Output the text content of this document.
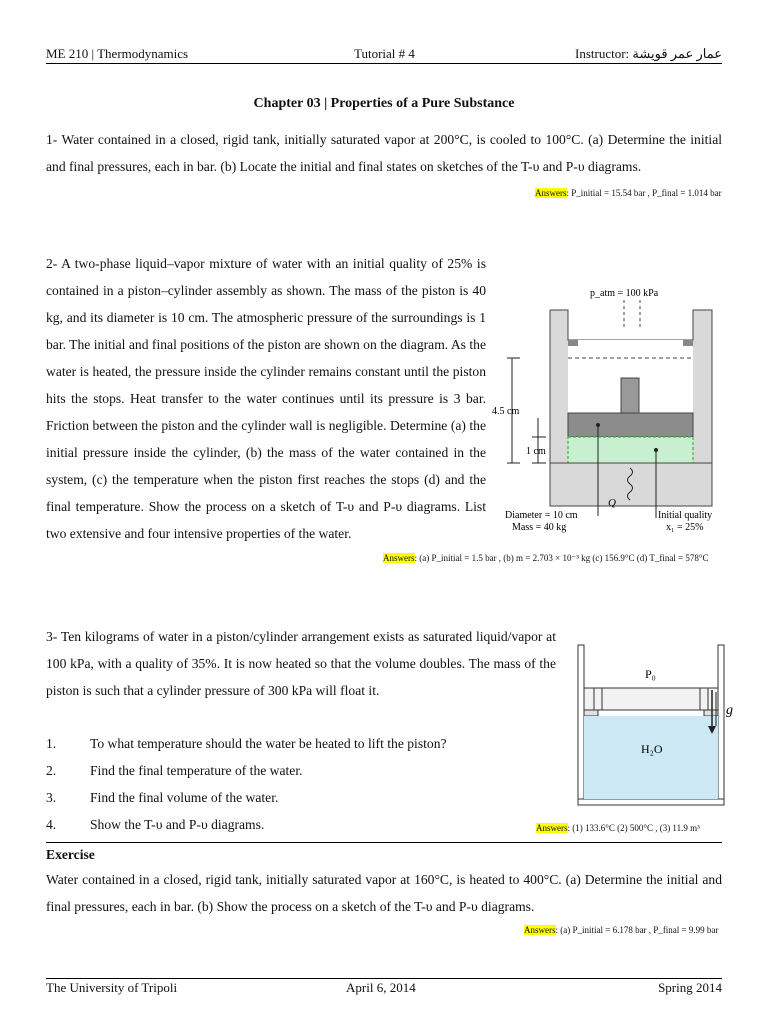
ME 210 | Thermodynamics	Tutorial # 4	Instructor: عمار عمر قويشة
Chapter 03 | Properties of a Pure Substance
1- Water contained in a closed, rigid tank, initially saturated vapor at 200°C, is cooled to 100°C. (a) Determine the initial and final pressures, each in bar. (b) Locate the initial and final states on sketches of the T-υ and P-υ diagrams.
Answers: P_initial = 15.54 bar , P_final = 1.014 bar
2- A two-phase liquid–vapor mixture of water with an initial quality of 25% is contained in a piston–cylinder assembly as shown. The mass of the piston is 40 kg, and its diameter is 10 cm. The atmospheric pressure of the surroundings is 1 bar. The initial and final positions of the piston are shown on the diagram. As the water is heated, the pressure inside the cylinder remains constant until the piston hits the stops. Heat transfer to the water continues until its pressure is 3 bar. Friction between the piston and the cylinder wall is negligible. Determine (a) the initial pressure inside the cylinder, (b) the mass of the water contained in the system, (c) the temperature when the piston first reaches the stops (d) and the final temperature. Show the process on a sketch of T-υ and P-υ diagrams. List two extensive and four intensive properties of the water.
p_atm = 100 kPa
Q
4.5 cm
1 cm
Diameter = 10 cm
Mass = 40 kg
Initial quality
x₁ = 25%
Answers: (a) P_initial = 1.5 bar , (b) m = 2.703 × 10⁻³ kg (c) 156.9°C (d) T_final = 578°C
3- Ten kilograms of water in a piston/cylinder arrangement exists as saturated liquid/vapor at 100 kPa, with a quality of 35%. It is now heated so that the volume doubles. The mass of the piston is such that a cylinder pressure of 300 kPa will float it.
1. To what temperature should the water be heated to lift the piston?
2. Find the final temperature of the water.
3. Find the final volume of the water.
4. Show the T-υ and P-υ diagrams.
P₀
H₂O
g
Answers: (1) 133.6°C (2) 500°C , (3) 11.9 m³
Exercise
Water contained in a closed, rigid tank, initially saturated vapor at 160°C, is heated to 400°C. (a) Determine the initial and final pressures, each in bar. (b) Show the process on a sketch of the T-υ and P-υ diagrams.
Answers: (a) P_initial = 6.178 bar , P_final = 9.99 bar
The University of Tripoli	April 6, 2014	Spring 2014
